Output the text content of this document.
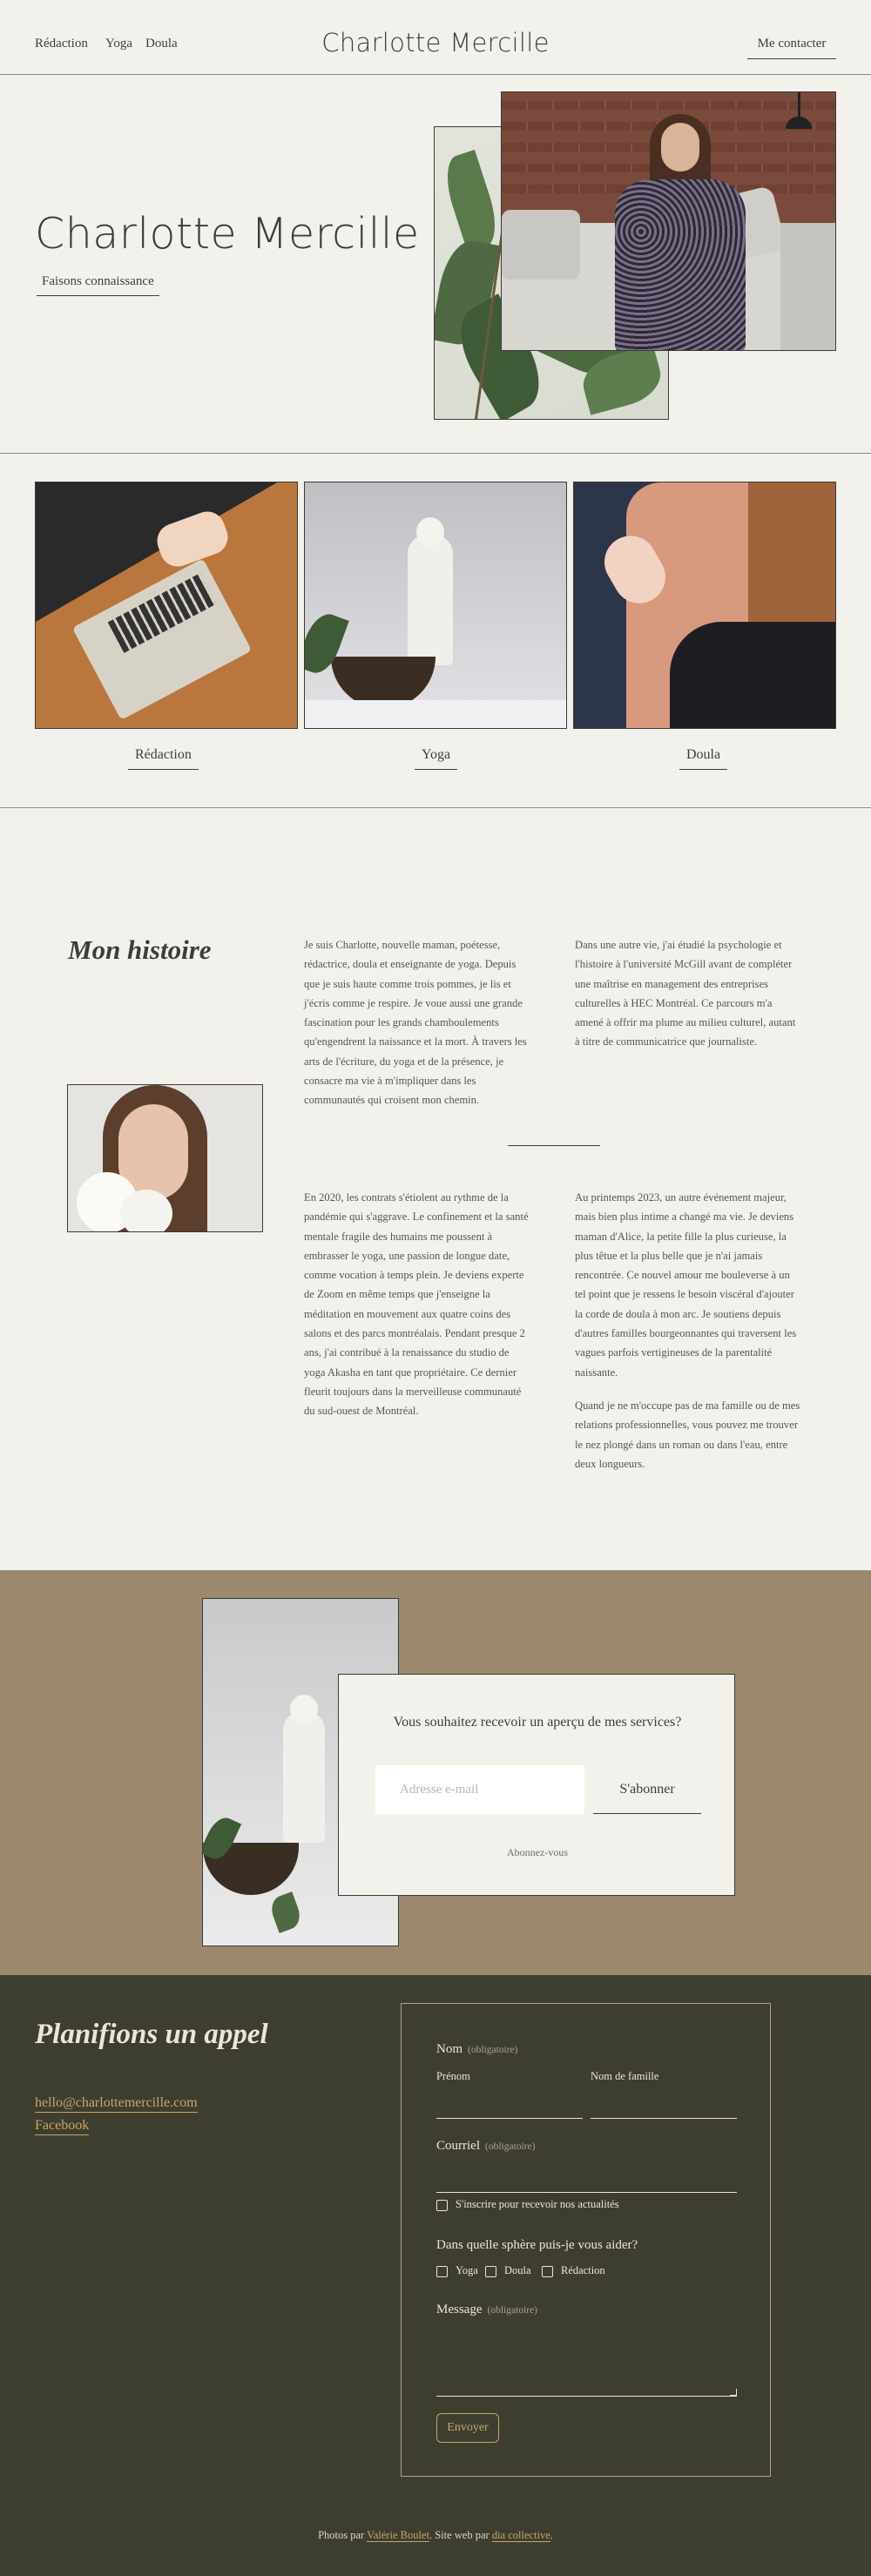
Rédaction Yoga Doula	Charlotte Mercille	Me contacter
Charlotte Mercille
Faisons connaissance
Rédaction	Yoga	Doula
Mon histoire	Je suis Charlotte, nouvelle maman, poétesse, rédactrice, doula et enseignante de yoga. Depuis que je suis haute comme trois pommes, je lis et j'écris comme je respire. Je voue aussi une grande fascination pour les grands chamboulements qu'engendrent la naissance et la mort. À travers les arts de l'écriture, du yoga et de la présence, je consacre ma vie à m'impliquer dans les communautés qui croisent mon chemin.

Dans une autre vie, j'ai étudié la psychologie et l'histoire à l'université McGill avant de compléter une maîtrise en management des entreprises culturelles à HEC Montréal. Ce parcours m'a amené à offrir ma plume au milieu culturel, autant à titre de communicatrice que journaliste.

En 2020, les contrats s'étiolent au rythme de la pandémie qui s'aggrave. Le confinement et la santé mentale fragile des humains me poussent à embrasser le yoga, une passion de longue date, comme vocation à temps plein. Je deviens experte de Zoom en même temps que j'enseigne la méditation en mouvement aux quatre coins des salons et des parcs montréalais. Pendant presque 2 ans, j'ai contribué à la renaissance du studio de yoga Akasha en tant que propriétaire. Ce dernier fleurit toujours dans la merveilleuse communauté du sud-ouest de Montréal.

Au printemps 2023, un autre événement majeur, mais bien plus intime a changé ma vie. Je deviens maman d'Alice, la petite fille la plus curieuse, la plus têtue et la plus belle que je n'ai jamais rencontrée. Ce nouvel amour me bouleverse à un tel point que je ressens le besoin viscéral d'ajouter la corde de doula à mon arc. Je soutiens depuis d'autres familles bourgeonnantes qui traversent les vagues parfois vertigineuses de la parentalité naissante.

Quand je ne m'occupe pas de ma famille ou de mes relations professionnelles, vous pouvez me trouver le nez plongé dans un roman ou dans l'eau, entre deux longueurs.

Vous souhaitez recevoir un aperçu de mes services?
Adresse e-mail
S'abonner
Abonnez-vous
Planifions un appel
hello@charlottemercille.com
Facebook
Nom (obligatoire)
Prénom	Nom de famille
Courriel (obligatoire)
S'inscrire pour recevoir nos actualités
Dans quelle sphère puis-je vous aider?
Yoga Doula	Rédaction
Message (obligatoire)
Envoyer
Photos par Valérie Boulet. Site web par dia collective.
